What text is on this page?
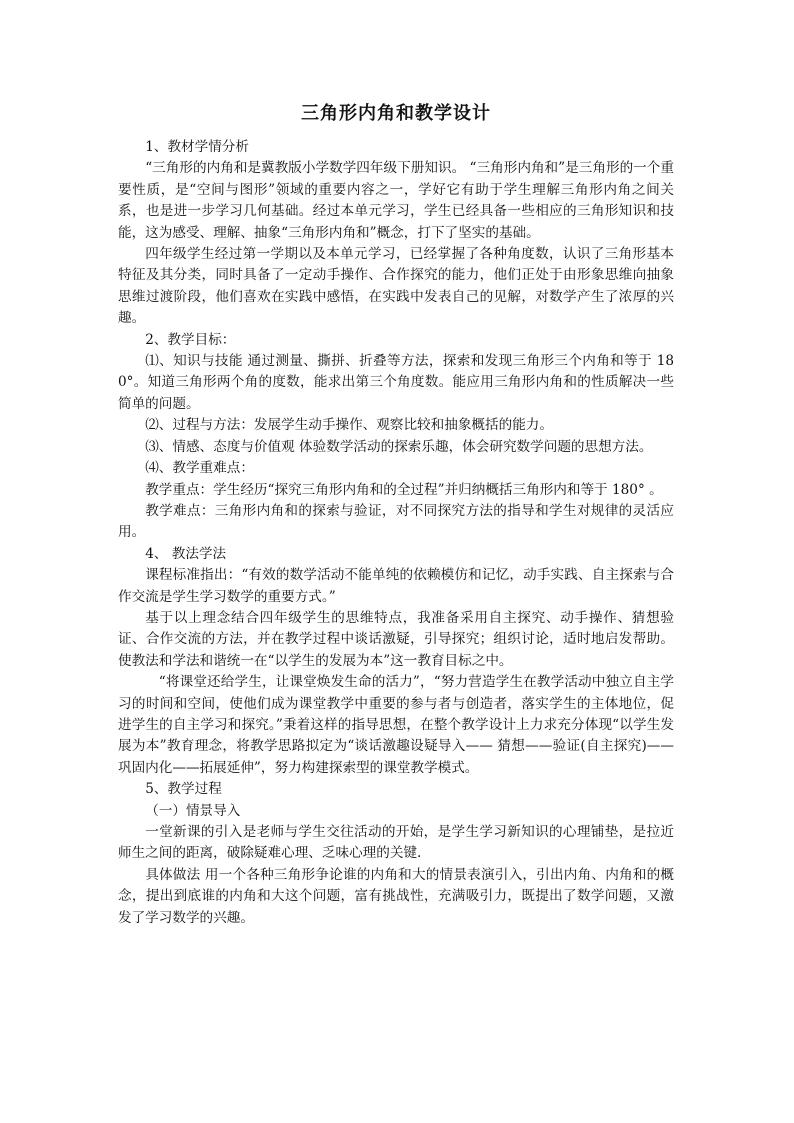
三角形内角和教学设计

1、教材学情分析

“三角形的内角和是冀教版小学数学四年级下册知识。 “三角形内角和”是三角形的一个重要性质，是“空间与图形”领域的重要内容之一，学好它有助于学生理解三角形内角之间关系，也是进一步学习几何基础。经过本单元学习，学生已经具备一些相应的三角形知识和技能，这为感受、理解、抽象“三角形内角和”概念，打下了坚实的基础。

四年级学生经过第一学期以及本单元学习，已经掌握了各种角度数，认识了三角形基本特征及其分类，同时具备了一定动手操作、合作探究的能力，他们正处于由形象思维向抽象思维过渡阶段，他们喜欢在实践中感悟，在实践中发表自己的见解，对数学产生了浓厚的兴趣。

2、教学目标：

⑴、知识与技能 通过测量、撕拼、折叠等方法，探索和发现三角形三个内角和等于 180°。知道三角形两个角的度数，能求出第三个角度数。能应用三角形内角和的性质解决一些简单的问题。

⑵、过程与方法：发展学生动手操作、观察比较和抽象概括的能力。

⑶、情感、态度与价值观 体验数学活动的探索乐趣，体会研究数学问题的思想方法。

⑷、教学重难点：

教学重点：学生经历“探究三角形内角和的全过程”并归纳概括三角形内和等于 180° 。

教学难点：三角形内角和的探索与验证，对不同探究方法的指导和学生对规律的灵活应用。

4、 教法学法

课程标准指出：“有效的数学活动不能单纯的依赖模仿和记忆，动手实践、自主探索与合作交流是学生学习数学的重要方式。”

基于以上理念结合四年级学生的思维特点，我准备采用自主探究、动手操作、猜想验证、合作交流的方法，并在教学过程中谈话激疑，引导探究；组织讨论，适时地启发帮助。使教法和学法和谐统一在“以学生的发展为本”这一教育目标之中。

“将课堂还给学生，让课堂焕发生命的活力”，“努力营造学生在教学活动中独立自主学习的时间和空间，使他们成为课堂教学中重要的参与者与创造者，落实学生的主体地位，促进学生的自主学习和探究。”秉着这样的指导思想，在整个教学设计上力求充分体现“以学生发展为本”教育理念，将教学思路拟定为“谈话激趣设疑导入—— 猜想——验证(自主探究)——巩固内化——拓展延伸”，努力构建探索型的课堂教学模式。

5、教学过程

（一）情景导入

一堂新课的引入是老师与学生交往活动的开始，是学生学习新知识的心理铺垫，是拉近师生之间的距离，破除疑难心理、乏味心理的关键.

具体做法 用一个各种三角形争论谁的内角和大的情景表演引入，引出内角、内角和的概念，提出到底谁的内角和大这个问题，富有挑战性，充满吸引力，既提出了数学问题，又激发了学习数学的兴趣。
